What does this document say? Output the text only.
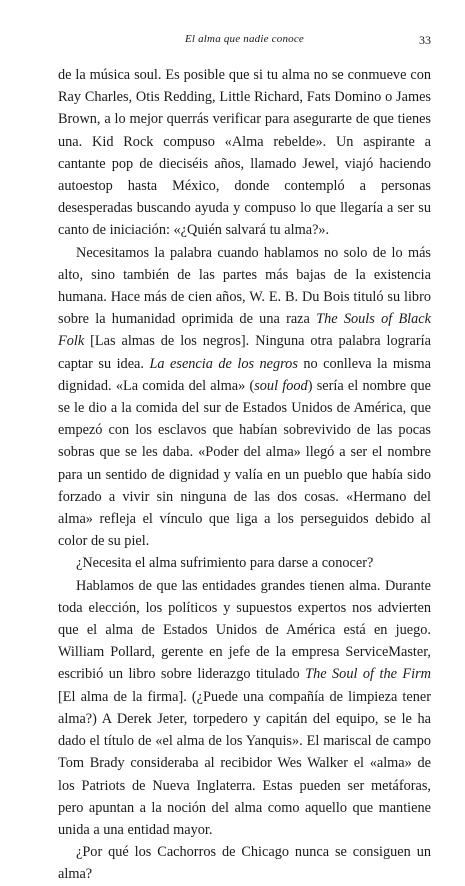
El alma que nadie conoce	33

de la música soul. Es posible que si tu alma no se conmueve con Ray Charles, Otis Redding, Little Richard, Fats Domino o James Brown, a lo mejor querrás verificar para asegurarte de que tienes una. Kid Rock compuso «Alma rebelde». Un aspirante a cantante pop de dieciséis años, llamado Jewel, viajó haciendo autoestop hasta México, donde contempló a personas desesperadas buscando ayuda y compuso lo que llegaría a ser su canto de iniciación: «¿Quién salvará tu alma?».

Necesitamos la palabra cuando hablamos no solo de lo más alto, sino también de las partes más bajas de la existencia humana. Hace más de cien años, W. E. B. Du Bois tituló su libro sobre la humanidad oprimida de una raza The Souls of Black Folk [Las almas de los negros]. Ninguna otra palabra lograría captar su idea. La esencia de los negros no conlleva la misma dignidad. «La comida del alma» (soul food) sería el nombre que se le dio a la comida del sur de Estados Unidos de América, que empezó con los esclavos que habían sobrevivido de las pocas sobras que se les daba. «Poder del alma» llegó a ser el nombre para un sentido de dignidad y valía en un pueblo que había sido forzado a vivir sin ninguna de las dos cosas. «Hermano del alma» refleja el vínculo que liga a los perseguidos debido al color de su piel.

¿Necesita el alma sufrimiento para darse a conocer?

Hablamos de que las entidades grandes tienen alma. Durante toda elección, los políticos y supuestos expertos nos advierten que el alma de Estados Unidos de América está en juego. William Pollard, gerente en jefe de la empresa ServiceMaster, escribió un libro sobre liderazgo titulado The Soul of the Firm [El alma de la firma]. (¿Puede una compañía de limpieza tener alma?) A Derek Jeter, torpedero y capitán del equipo, se le ha dado el título de «el alma de los Yanquis». El mariscal de campo Tom Brady consideraba al recibidor Wes Walker el «alma» de los Patriots de Nueva Inglaterra. Estas pueden ser metáforas, pero apuntan a la noción del alma como aquello que mantiene unida a una entidad mayor.

¿Por qué los Cachorros de Chicago nunca se consiguen un alma?
